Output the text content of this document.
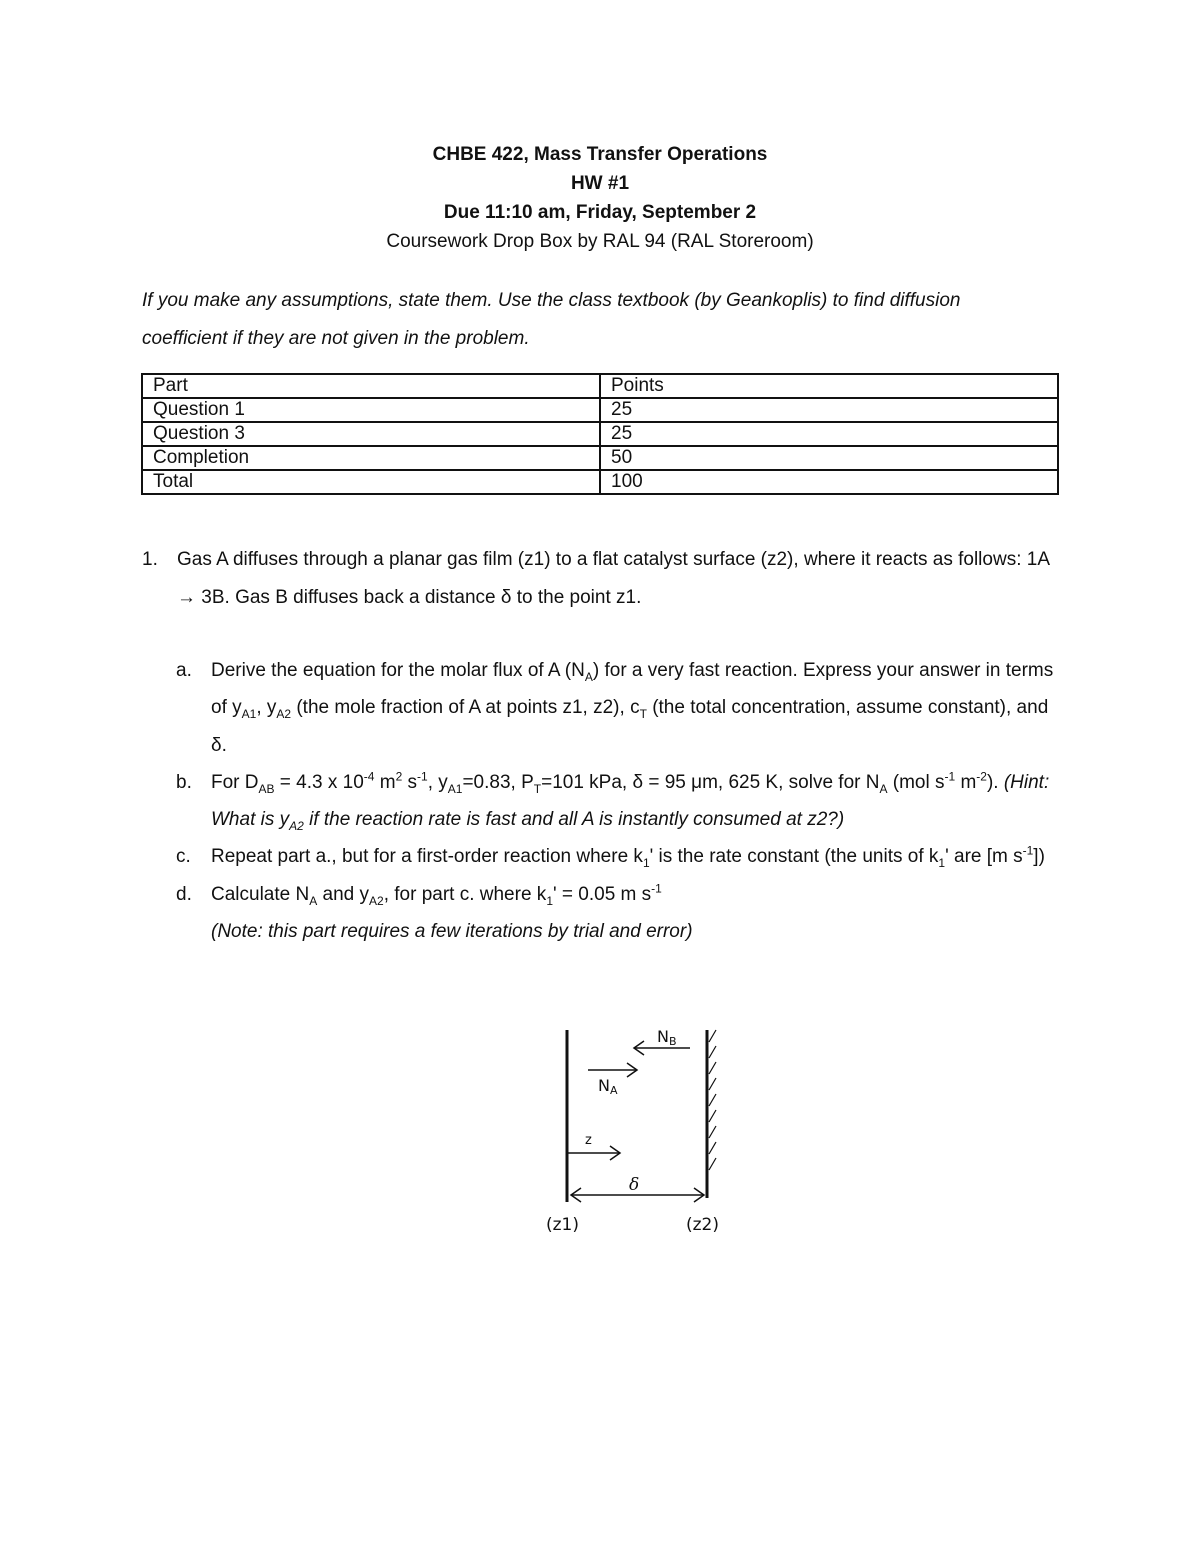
CHBE 422, Mass Transfer Operations
HW #1
Due 11:10 am, Friday, September 2
Coursework Drop Box by RAL 94 (RAL Storeroom)
If you make any assumptions, state them. Use the class textbook (by Geankoplis) to find diffusion coefficient if they are not given in the problem.
Part	Points
Question 1	25
Question 3	25
Completion	50
Total	100
1. Gas A diffuses through a planar gas film (z1) to a flat catalyst surface (z2), where it reacts as follows: 1A → 3B. Gas B diffuses back a distance δ to the point z1.
a. Derive the equation for the molar flux of A $(N_A)$ for a very fast reaction. Express your answer in terms of $y_{A1}$, $y_{A2}$ (the mole fraction of A at points z1, z2), $c_T$ (the total concentration, assume constant), and δ.
b. For $D_{AB} = 4.3$ x $10^{-4}$ $m^2$ $s^{-1}$, $y_{A1}=0.83$, $P_T=101$ kPa, δ = 95 μm, 625 K, solve for $N_A$ (mol $s^{-1}$ $m^{-2}$). (Hint: What is $y_{A2}$ if the reaction rate is fast and all A is instantly consumed at z2?)
c. Repeat part a., but for a first-order reaction where $k_1'$ is the rate constant (the units of $k_1'$ are [m $s^{-1}$])
d. Calculate $N_A$ and $y_{A2}$, for part c. where $k_1' = 0.05$ m $s^{-1}$
(Note: this part requires a few iterations by trial and error)
NB
NA
z
δ
(z1)	(z2)
